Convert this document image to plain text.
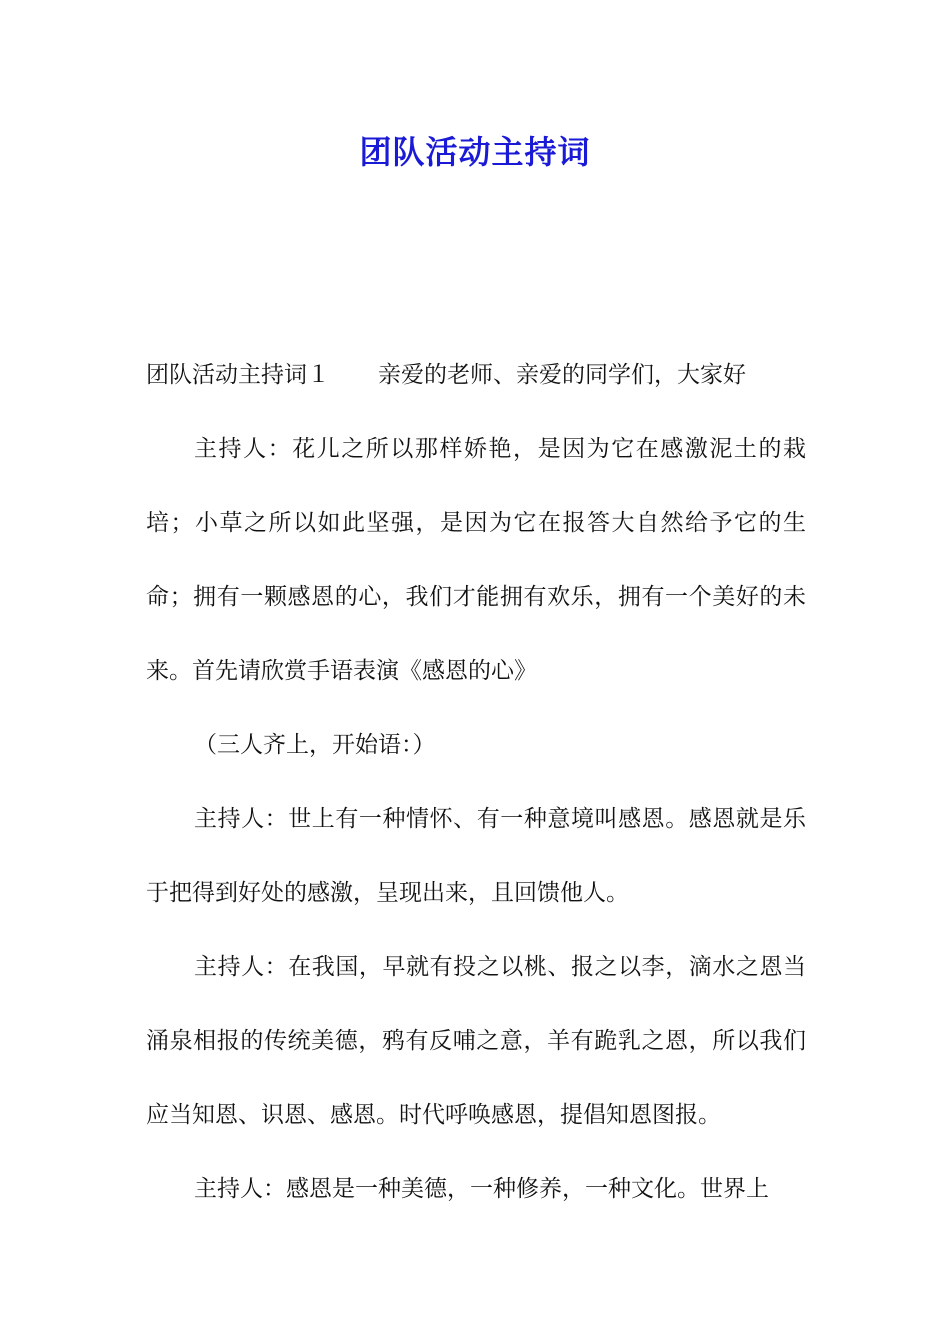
团队活动主持词

团队活动主持词１ 亲爱的老师、亲爱的同学们，大家好

主持人：花儿之所以那样娇艳，是因为它在感激泥土的栽培；小草之所以如此坚强，是因为它在报答大自然给予它的生命；拥有一颗感恩的心，我们才能拥有欢乐，拥有一个美好的未来。首先请欣赏手语表演《感恩的心》

（三人齐上，开始语：）

主持人：世上有一种情怀、有一种意境叫感恩。感恩就是乐于把得到好处的感激，呈现出来，且回馈他人。

主持人：在我国，早就有投之以桃、报之以李，滴水之恩当涌泉相报的传统美德，鸦有反哺之意，羊有跪乳之恩，所以我们应当知恩、识恩、感恩。时代呼唤感恩，提倡知恩图报。

主持人：感恩是一种美德，一种修养，一种文化。世界上
